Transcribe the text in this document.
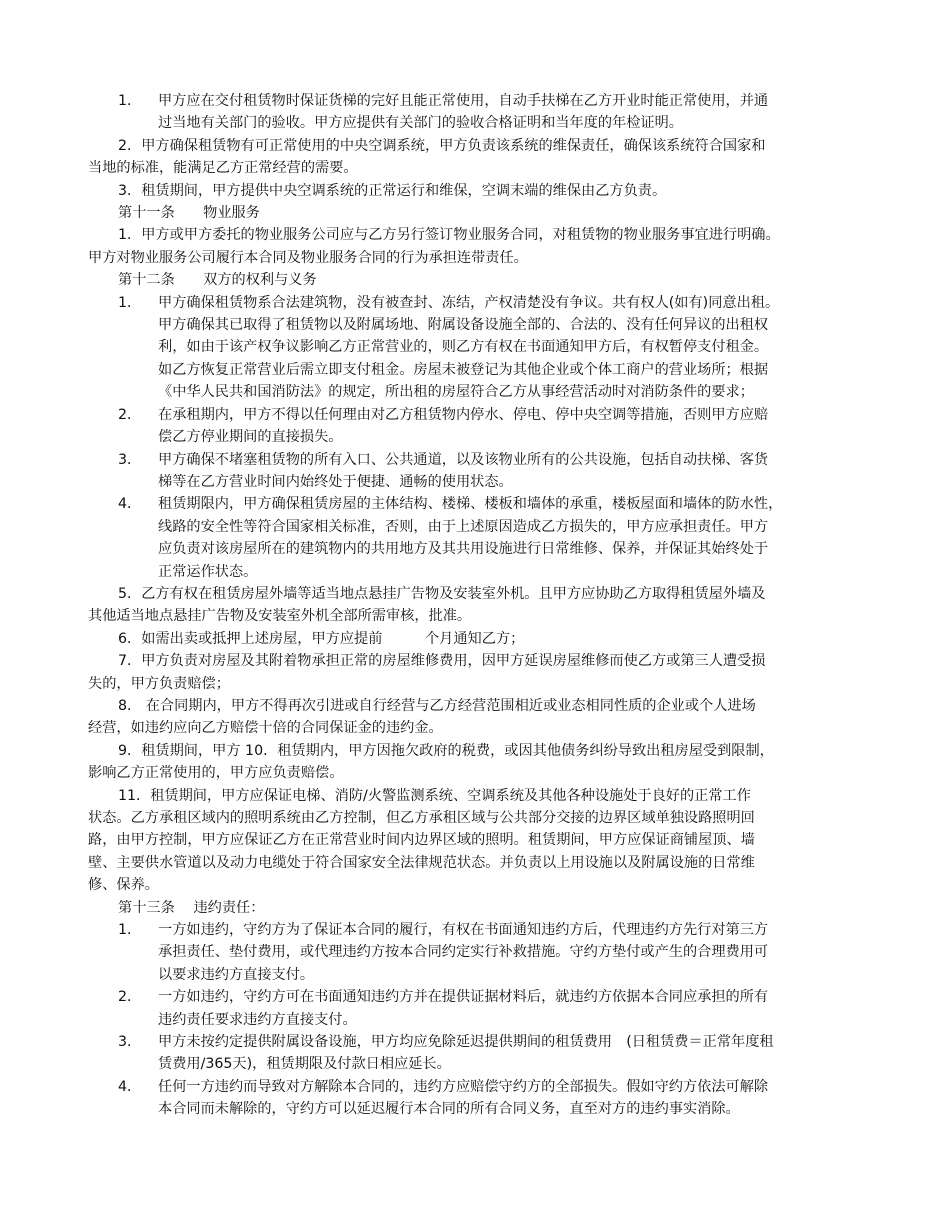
1．	甲方应在交付租赁物时保证货梯的完好且能正常使用，自动手扶梯在乙方开业时能正常使用，并通
过当地有关部门的验收。甲方应提供有关部门的验收合格证明和当年度的年检证明。
2．甲方确保租赁物有可正常使用的中央空调系统，甲方负责该系统的维保责任，确保该系统符合国家和
当地的标准，能满足乙方正常经营的需要。
3．租赁期间，甲方提供中央空调系统的正常运行和维保，空调末端的维保由乙方负责。
第十一条　　物业服务
1．甲方或甲方委托的物业服务公司应与乙方另行签订物业服务合同，对租赁物的物业服务事宜进行明确。
甲方对物业服务公司履行本合同及物业服务合同的行为承担连带责任。
第十二条　　双方的权利与义务
1．	甲方确保租赁物系合法建筑物，没有被查封、冻结，产权清楚没有争议。共有权人(如有)同意出租。
甲方确保其已取得了租赁物以及附属场地、附属设备设施全部的、合法的、没有任何异议的出租权
利，如由于该产权争议影响乙方正常营业的，则乙方有权在书面通知甲方后，有权暂停支付租金。
如乙方恢复正常营业后需立即支付租金。房屋未被登记为其他企业或个体工商户的营业场所；根据
《中华人民共和国消防法》的规定，所出租的房屋符合乙方从事经营活动时对消防条件的要求；
2．	在承租期内，甲方不得以任何理由对乙方租赁物内停水、停电、停中央空调等措施，否则甲方应赔
偿乙方停业期间的直接损失。
3．	甲方确保不堵塞租赁物的所有入口、公共通道，以及该物业所有的公共设施，包括自动扶梯、客货
梯等在乙方营业时间内始终处于便捷、通畅的使用状态。
4．	租赁期限内，甲方确保租赁房屋的主体结构、楼梯、楼板和墙体的承重，楼板屋面和墙体的防水性，
线路的安全性等符合国家相关标准，否则，由于上述原因造成乙方损失的，甲方应承担责任。甲方
应负责对该房屋所在的建筑物内的共用地方及其共用设施进行日常维修、保养，并保证其始终处于
正常运作状态。
5．乙方有权在租赁房屋外墙等适当地点悬挂广告物及安装室外机。且甲方应协助乙方取得租赁屋外墙及
其他适当地点悬挂广告物及安装室外机全部所需审核，批准。
6．如需出卖或抵押上述房屋，甲方应提前　　　个月通知乙方；
7．甲方负责对房屋及其附着物承担正常的房屋维修费用，因甲方延误房屋维修而使乙方或第三人遭受损
失的，甲方负责赔偿；
8． 在合同期内，甲方不得再次引进或自行经营与乙方经营范围相近或业态相同性质的企业或个人进场
经营，如违约应向乙方赔偿十倍的合同保证金的违约金。
9．租赁期间，甲方 10．租赁期内，甲方因拖欠政府的税费，或因其他债务纠纷导致出租房屋受到限制，
影响乙方正常使用的，甲方应负责赔偿。
11．租赁期间，甲方应保证电梯、消防/火警监测系统、空调系统及其他各种设施处于良好的正常工作
状态。乙方承租区域内的照明系统由乙方控制，但乙方承租区域与公共部分交接的边界区域单独设路照明回
路，由甲方控制，甲方应保证乙方在正常营业时间内边界区域的照明。租赁期间，甲方应保证商铺屋顶、墙
壁、主要供水管道以及动力电缆处于符合国家安全法律规范状态。并负责以上用设施以及附属设施的日常维
修、保养。
第十三条　 违约责任：
1．	一方如违约，守约方为了保证本合同的履行，有权在书面通知违约方后，代理违约方先行对第三方
承担责任、垫付费用，或代理违约方按本合同约定实行补救措施。守约方垫付或产生的合理费用可
以要求违约方直接支付。
2．	一方如违约，守约方可在书面通知违约方并在提供证据材料后，就违约方依据本合同应承担的所有
违约责任要求违约方直接支付。
3．	甲方未按约定提供附属设备设施，甲方均应免除延迟提供期间的租赁费用　(日租赁费＝正常年度租
赁费用/365天)，租赁期限及付款日相应延长。
4．	任何一方违约而导致对方解除本合同的，违约方应赔偿守约方的全部损失。假如守约方依法可解除
本合同而未解除的，守约方可以延迟履行本合同的所有合同义务，直至对方的违约事实消除。
